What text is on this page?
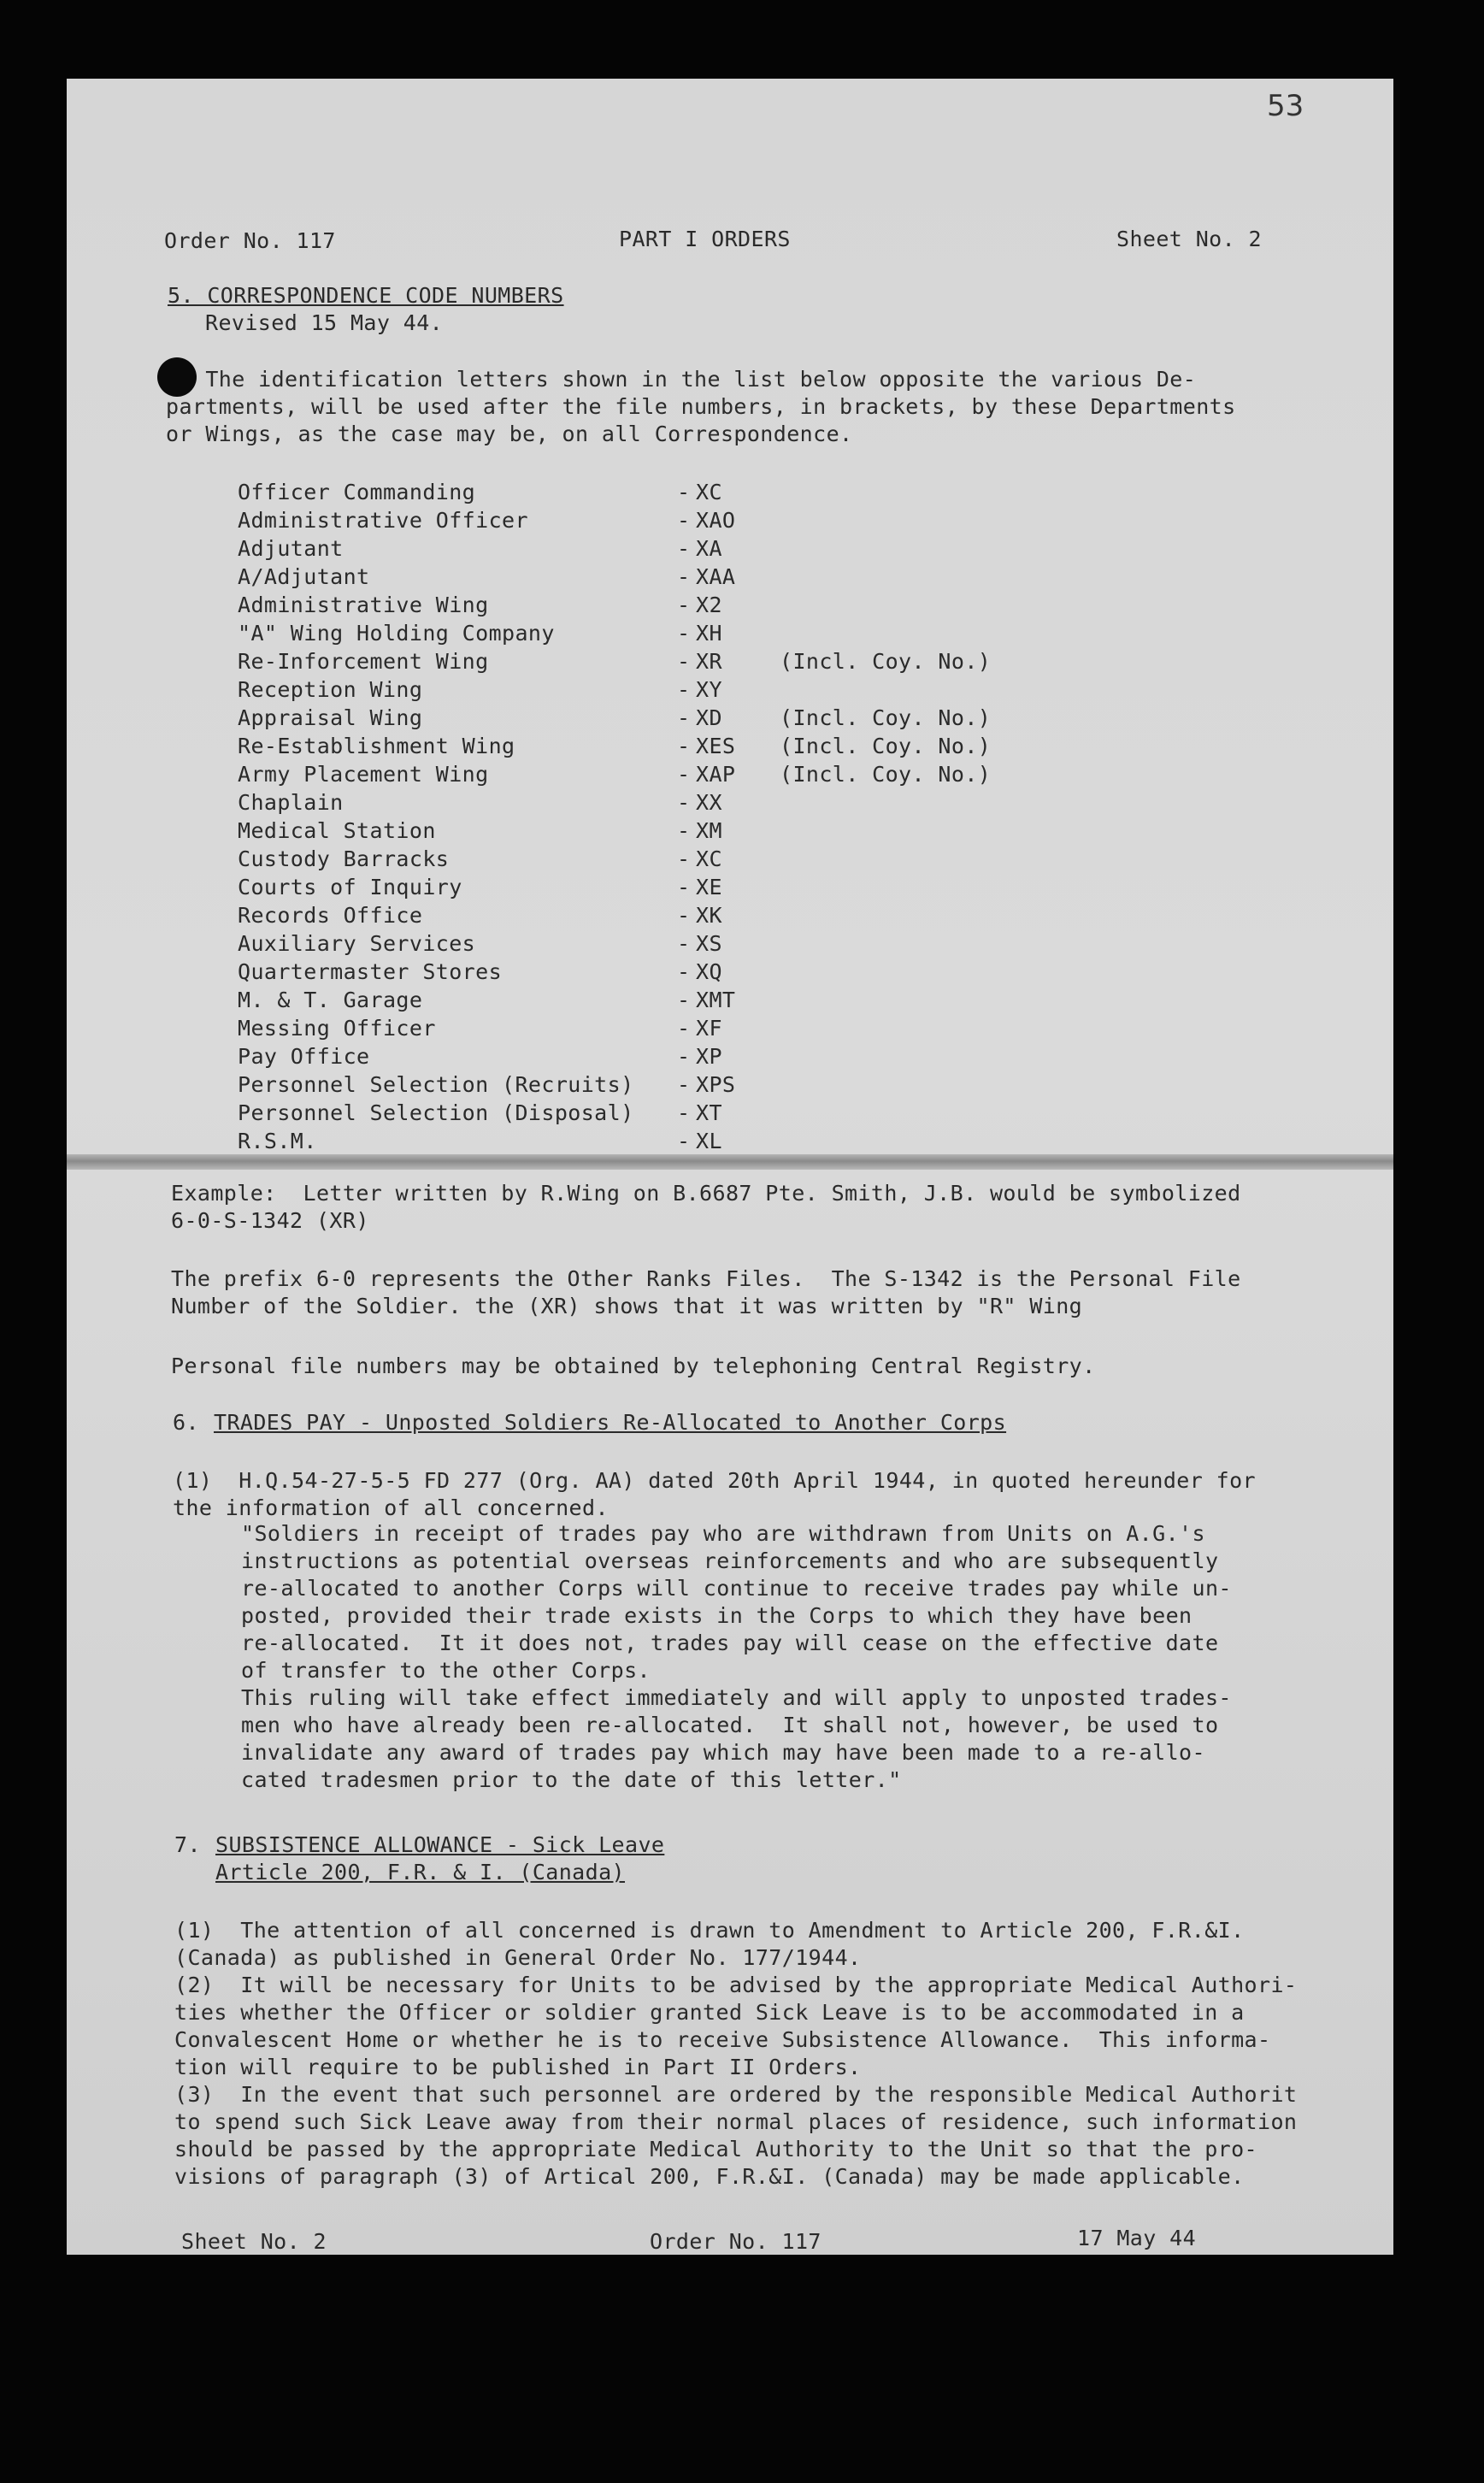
53
Order No. 117	PART I ORDERS	Sheet No. 2
5. CORRESPONDENCE CODE NUMBERS
Revised 15 May 44.
The identification letters shown in the list below opposite the various De-
partments, will be used after the file numbers, in brackets, by these Departments
or Wings, as the case may be, on all Correspondence.

Officer Commanding	- XC

Administrative Officer	- XAO

Adjutant	- XA

A/Adjutant	- XAA

Administrative Wing	- X2

"A" Wing Holding Company	- XH

Re-Inforcement Wing	- XR	(Incl. Coy. No.)

Reception Wing	- XY

Appraisal Wing	- XD	(Incl. Coy. No.)

Re-Establishment Wing	- XES (Incl. Coy. No.)

Army Placement Wing	- XAP (Incl. Coy. No.)

Chaplain	- XX

Medical Station	- XM

Custody Barracks	- XC

Courts of Inquiry	- XE

Records Office	- XK

Auxiliary Services	- XS

Quartermaster Stores	- XQ

M. & T. Garage	- XMT

Messing Officer	- XF

Pay Office	- XP

Personnel Selection (Recruits) - XPS

Personnel Selection (Disposal) - XT

R.S.M.	- XL

Example:  Letter written by R.Wing on B.6687 Pte. Smith, J.B. would be symbolized
6-0-S-1342 (XR)
The prefix 6-0 represents the Other Ranks Files.  The S-1342 is the Personal File
Number of the Soldier. the (XR) shows that it was written by "R" Wing
Personal file numbers may be obtained by telephoning Central Registry.
6. TRADES PAY - Unposted Soldiers Re-Allocated to Another Corps
(1)  H.Q.54-27-5-5 FD 277 (Org. AA) dated 20th April 1944, in quoted hereunder for
the information of all concerned.
"Soldiers in receipt of trades pay who are withdrawn from Units on A.G.'s
instructions as potential overseas reinforcements and who are subsequently
re-allocated to another Corps will continue to receive trades pay while un-
posted, provided their trade exists in the Corps to which they have been
re-allocated.  It it does not, trades pay will cease on the effective date
of transfer to the other Corps.
This ruling will take effect immediately and will apply to unposted trades-
men who have already been re-allocated.  It shall not, however, be used to
invalidate any award of trades pay which may have been made to a re-allo-
cated tradesmen prior to the date of this letter."
7. SUBSISTENCE ALLOWANCE - Sick Leave
Article 200, F.R. & I. (Canada)
(1)  The attention of all concerned is drawn to Amendment to Article 200, F.R.&I.
(Canada) as published in General Order No. 177/1944.
(2)  It will be necessary for Units to be advised by the appropriate Medical Authori-
ties whether the Officer or soldier granted Sick Leave is to be accommodated in a
Convalescent Home or whether he is to receive Subsistence Allowance.  This informa-
tion will require to be published in Part II Orders.
(3)  In the event that such personnel are ordered by the responsible Medical Authorit
to spend such Sick Leave away from their normal places of residence, such information
should be passed by the appropriate Medical Authority to the Unit so that the pro-
visions of paragraph (3) of Artical 200, F.R.&I. (Canada) may be made applicable.
Sheet No. 2	Order No. 117	17 May 44
